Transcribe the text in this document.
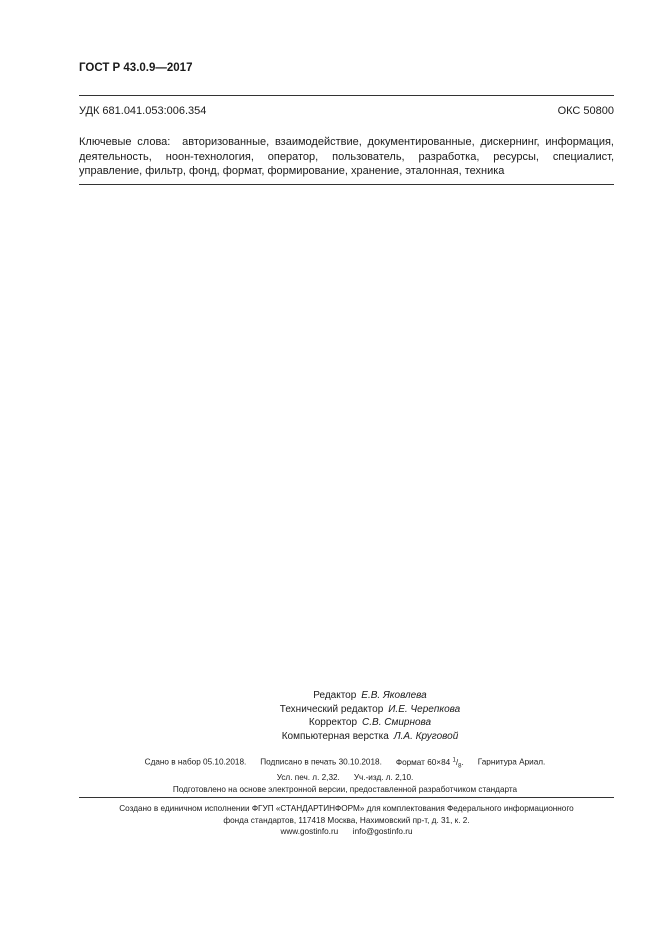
ГОСТ Р 43.0.9—2017
УДК 681.041.053:006.354	ОКС 50800
Ключевые слова: авторизованные, взаимодействие, документированные, дискернинг, информация, деятельность, ноон-технология, оператор, пользователь, разработка, ресурсы, специалист, управление, фильтр, фонд, формат, формирование, хранение, эталонная, техника
Редактор Е.В. Яковлева
Технический редактор И.Е. Черепкова
Корректор С.В. Смирнова
Компьютерная верстка Л.А. Круговой
Сдано в набор 05.10.2018. Подписано в печать 30.10.2018. Формат 60×84 $^1/_8$. Гарнитура Ариал.
Усл. печ. л. 2,32. Уч.-изд. л. 2,10.
Подготовлено на основе электронной версии, предоставленной разработчиком стандарта
Создано в единичном исполнении ФГУП «СТАНДАРТИНФОРМ» для комплектования Федерального информационного
фонда стандартов, 117418 Москва, Нахимовский пр-т, д. 31, к. 2.
www.gostinfo.ru info@gostinfo.ru
